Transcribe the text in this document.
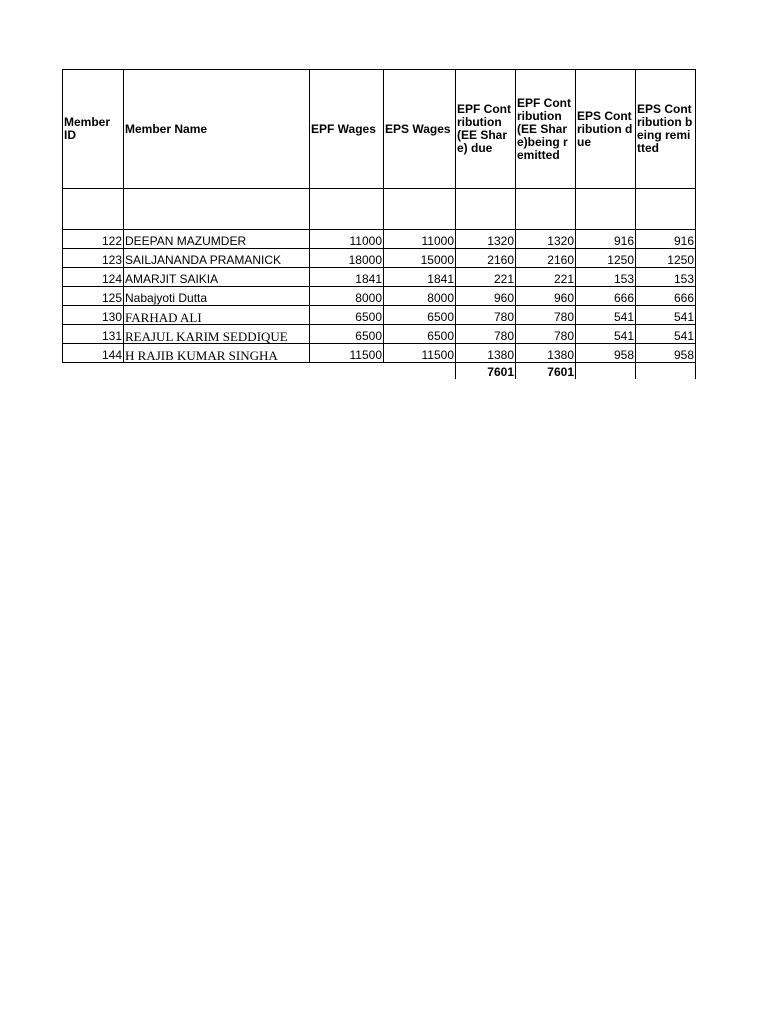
Member ID	Member Name	EPF Wages	EPS Wages	EPF Contribution (EE Share) due	EPF Contribution (EE Share)being remitted	EPS Contribution due	EPS Contribution being remitted

122	DEEPAN MAZUMDER	11000	11000	1320	1320	916	916
123	SAILJANANDA PRAMANICK	18000	15000	2160	2160	1250	1250
124	AMARJIT SAIKIA	1841	1841	221	221	153	153
125	Nabajyoti Dutta	8000	8000	960	960	666	666
130	FARHAD ALI	6500	6500	780	780	541	541
131	REAJUL KARIM SEDDIQUE	6500	6500	780	780	541	541
144	H RAJIB KUMAR SINGHA	11500	11500	1380	1380	958	958
				7601	7601		
